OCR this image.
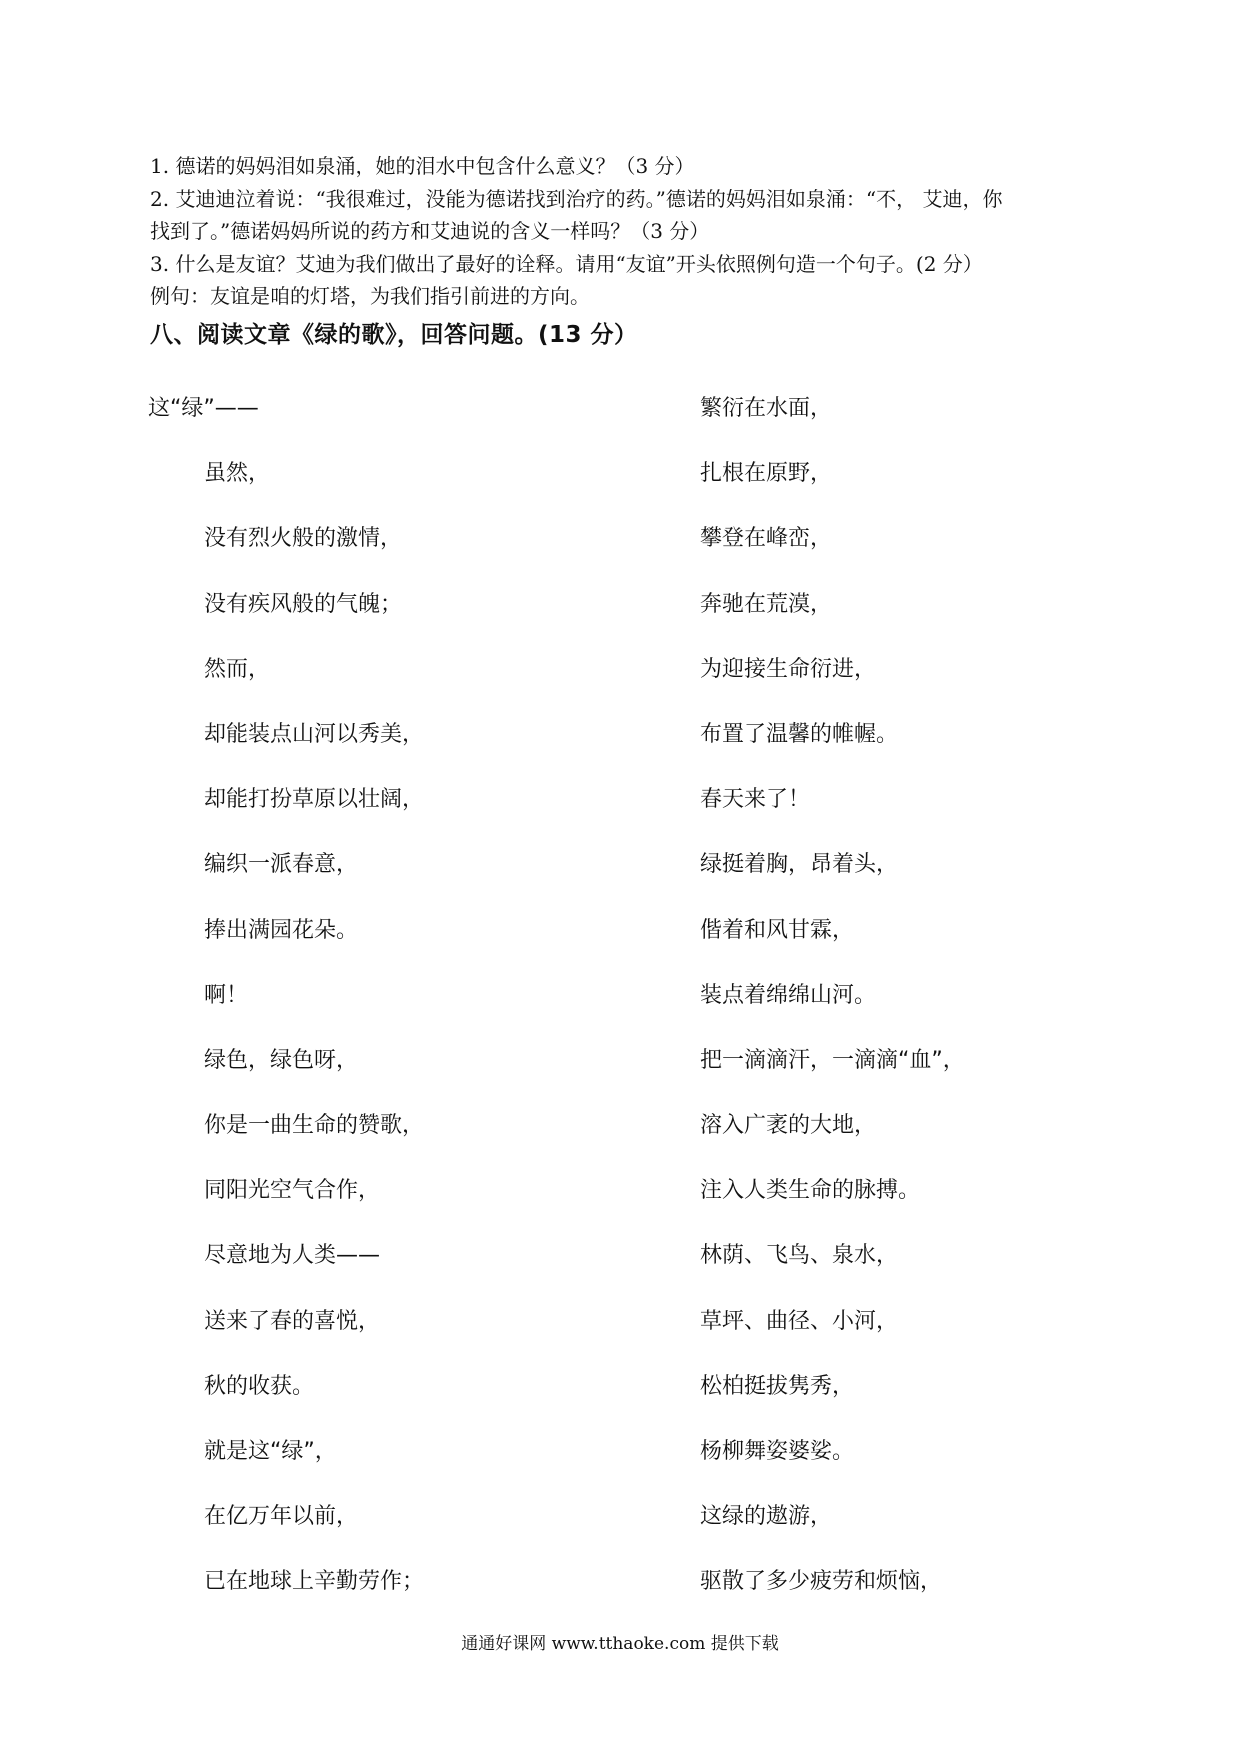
1. 德诺的妈妈泪如泉涌，她的泪水中包含什么意义？（3 分）

2. 艾迪迪泣着说：“我很难过，没能为德诺找到治疗的药。”德诺的妈妈泪如泉涌：“不， 艾迪，你

找到了。”德诺妈妈所说的药方和艾迪说的含义一样吗？（3 分）

3. 什么是友谊？艾迪为我们做出了最好的诠释。请用“友谊”开头依照例句造一个句子。(2 分）

例句：友谊是咱的灯塔，为我们指引前进的方向。

八、阅读文章《绿的歌》，回答问题。(13 分）
这“绿”——
虽然，
没有烈火般的激情，
没有疾风般的气魄；
然而，
却能装点山河以秀美，
却能打扮草原以壮阔，
编织一派春意，
捧出满园花朵。
啊！
绿色，绿色呀，
你是一曲生命的赞歌，
同阳光空气合作，
尽意地为人类——
送来了春的喜悦，
秋的收获。
就是这“绿”，
在亿万年以前，
已在地球上辛勤劳作；
繁衍在水面，
扎根在原野，
攀登在峰峦，
奔驰在荒漠，
为迎接生命衍进，
布置了温馨的帷幄。
春天来了！
绿挺着胸，昂着头，
偕着和风甘霖，
装点着绵绵山河。
把一滴滴汗，一滴滴“血”，
溶入广袤的大地，
注入人类生命的脉搏。
林荫、飞鸟、泉水，
草坪、曲径、小河，
松柏挺拔隽秀，
杨柳舞姿婆娑。
这绿的遨游，
驱散了多少疲劳和烦恼，
通通好课网 www.tthaoke.com 提供下载
